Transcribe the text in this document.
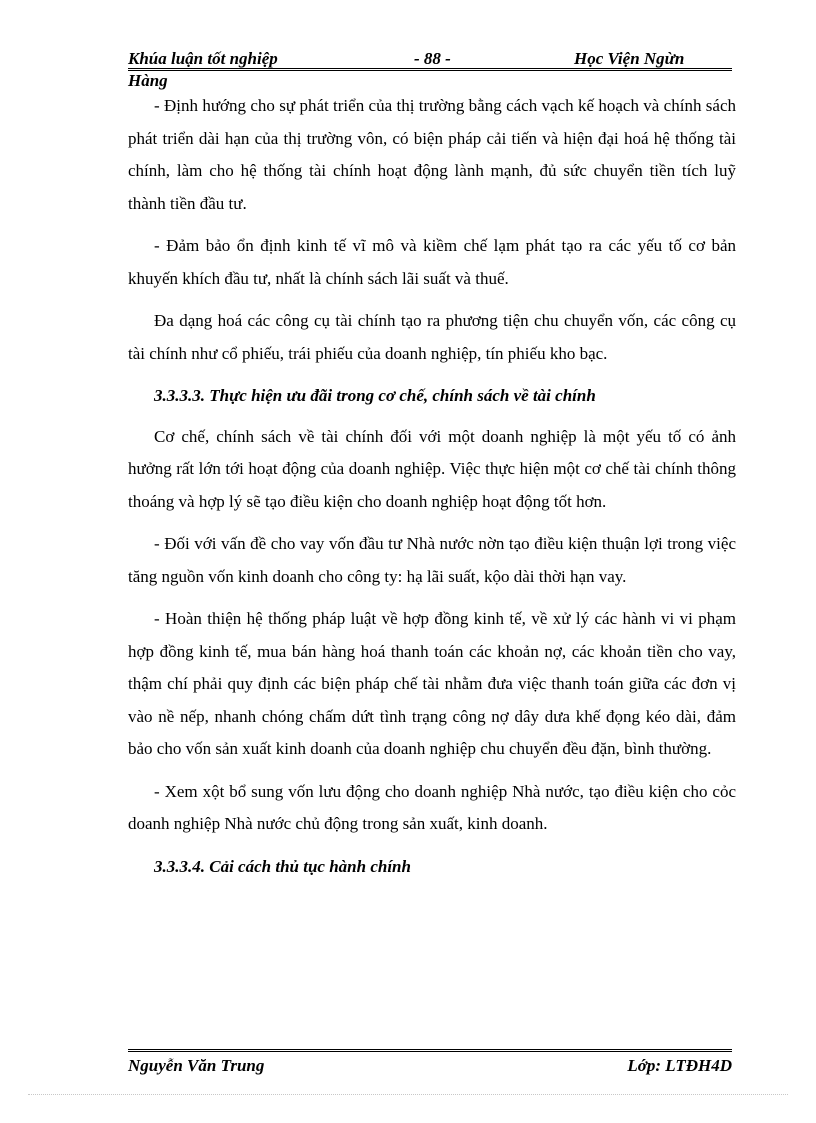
Khúa luận tốt nghiệp	- 88 -	Học Viện Ngừn
Hàng

- Định hướng cho sự phát triển của thị trường bằng cách vạch kế hoạch và chính sách phát triển dài hạn của thị trường vôn, có biện pháp cải tiến và hiện đại hoá hệ thống tài chính, làm cho hệ thống tài chính hoạt động lành mạnh, đủ sức chuyển tiền tích luỹ thành tiền đầu tư.

- Đảm bảo ổn định kinh tế vĩ mô và kiềm chế lạm phát tạo ra các yếu tố cơ bản khuyến khích đầu tư, nhất là chính sách lãi suất và thuế.

Đa dạng hoá các công cụ tài chính tạo ra phương tiện chu chuyển vốn, các công cụ tài chính như cổ phiếu, trái phiếu của doanh nghiệp, tín phiếu kho bạc.

3.3.3.3. Thực hiện ưu đãi trong cơ chế, chính sách về tài chính

Cơ chế, chính sách về tài chính đối với một doanh nghiệp là một yếu tố có ảnh hưởng rất lớn tới hoạt động của doanh nghiệp. Việc thực hiện một cơ chế tài chính thông thoáng và hợp lý sẽ tạo điều kiện cho doanh nghiệp hoạt động tốt hơn.

- Đối với vấn đề cho vay vốn đầu tư Nhà nước nờn tạo điều kiện thuận lợi trong việc tăng nguồn vốn kinh doanh cho công ty: hạ lãi suất, kộo dài thời hạn vay.

- Hoàn thiện hệ thống pháp luật về hợp đồng kinh tế, về xử lý các hành vi vi phạm hợp đồng kinh tế, mua bán hàng hoá thanh toán các khoản nợ, các khoản tiền cho vay, thậm chí phải quy định các biện pháp chế tài nhằm đưa việc thanh toán giữa các đơn vị vào nề nếp, nhanh chóng chấm dứt tình trạng công nợ dây dưa khế đọng kéo dài, đảm bảo cho vốn sản xuất kinh doanh của doanh nghiệp chu chuyển đều đặn, bình thường.

- Xem xột bổ sung vốn lưu động cho doanh nghiệp Nhà nước, tạo điều kiện cho cỏc doanh nghiệp Nhà nước chủ động trong sản xuất, kinh doanh.

3.3.3.4. Cải cách thủ tục hành chính

Nguyễn Văn Trung	Lớp: LTĐH4D
